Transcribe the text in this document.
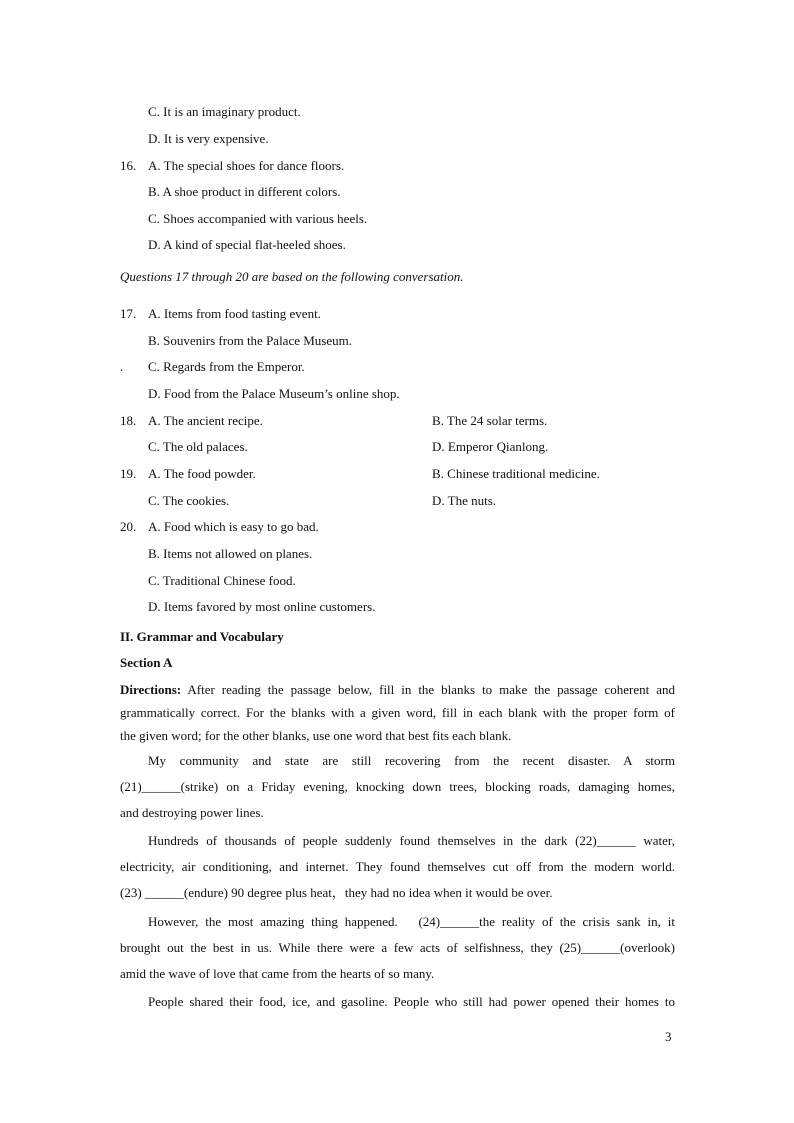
C. It is an imaginary product.
D. It is very expensive.
16. A. The special shoes for dance floors.
B. A shoe product in different colors.
C. Shoes accompanied with various heels.
D. A kind of special flat-heeled shoes.
Questions 17 through 20 are based on the following conversation.
17. A. Items from food tasting event.
B. Souvenirs from the Palace Museum.
. C. Regards from the Emperor.
D. Food from the Palace Museum’s online shop.
18. A. The ancient recipe.	B. The 24 solar terms.
C. The old palaces.	D. Emperor Qianlong.
19. A. The food powder.	B. Chinese traditional medicine.
C. The cookies.	D. The nuts.
20. A. Food which is easy to go bad.
B. Items not allowed on planes.
C. Traditional Chinese food.
D. Items favored by most online customers.
II. Grammar and Vocabulary
Section A
Directions: After reading the passage below, fill in the blanks to make the passage coherent and
grammatically correct. For the blanks with a given word, fill in each blank with the proper form of
the given word; for the other blanks, use one word that best fits each blank.
My community and state are still recovering from the recent disaster. A storm
(21)______(strike) on a Friday evening, knocking down trees, blocking roads, damaging homes,
and destroying power lines.
Hundreds of thousands of people suddenly found themselves in the dark (22)______ water,
electricity, air conditioning, and internet. They found themselves cut off from the modern world.
(23) ______(endure) 90 degree plus heat，they had no idea when it would be over.
However, the most amazing thing happened.   (24)______the reality of the crisis sank in, it
brought out the best in us. While there were a few acts of selfishness, they (25)______(overlook)
amid the wave of love that came from the hearts of so many.
People shared their food, ice, and gasoline. People who still had power opened their homes to
3
